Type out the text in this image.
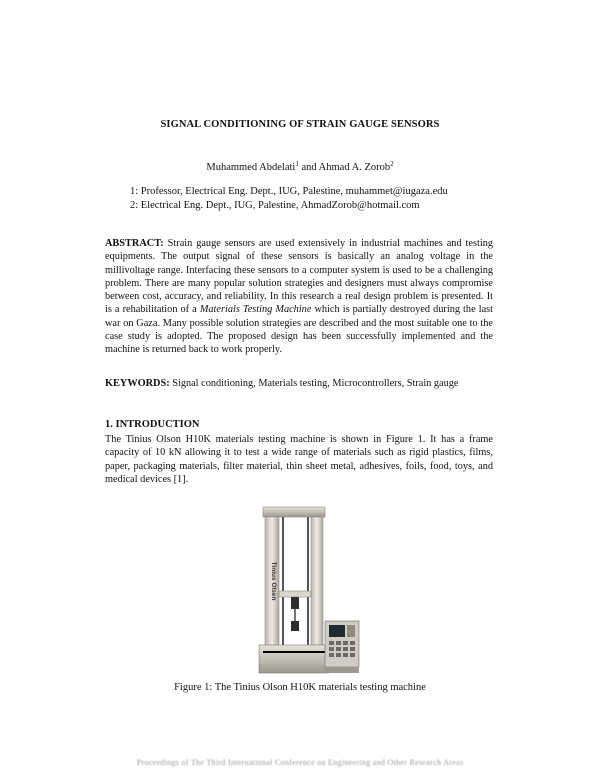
SIGNAL CONDITIONING OF STRAIN GAUGE SENSORS
Muhammed Abdelati$^1$ and Ahmad A. Zorob$^2$
1: Professor, Electrical Eng. Dept., IUG, Palestine, muhammet@iugaza.edu
2: Electrical Eng. Dept., IUG, Palestine, AhmadZorob@hotmail.com
ABSTRACT: Strain gauge sensors are used extensively in industrial machines and testing equipments. The output signal of these sensors is basically an analog voltage in the millivoltage range. Interfacing these sensors to a computer system is used to be a challenging problem. There are many popular solution strategies and designers must always compromise between cost, accuracy, and reliability. In this research a real design problem is presented. It is a rehabilitation of a Materials Testing Machine which is partially destroyed during the last war on Gaza. Many possible solution strategies are described and the most suitable one to the case study is adopted. The proposed design has been successfully implemented and the machine is returned back to work properly.
KEYWORDS: Signal conditioning, Materials testing, Microcontrollers, Strain gauge
1. INTRODUCTION
The Tinius Olson H10K materials testing machine is shown in Figure 1. It has a frame capacity of 10 kN allowing it to test a wide range of materials such as rigid plastics, films, paper, packaging materials, filter material, thin sheet metal, adhesives, foils, food, toys, and medical devices [1].
Tinius Olsen
Figure 1: The Tinius Olson H10K materials testing machine
Proceedings of The Third International Conference on Engineering and Other Research Areas
